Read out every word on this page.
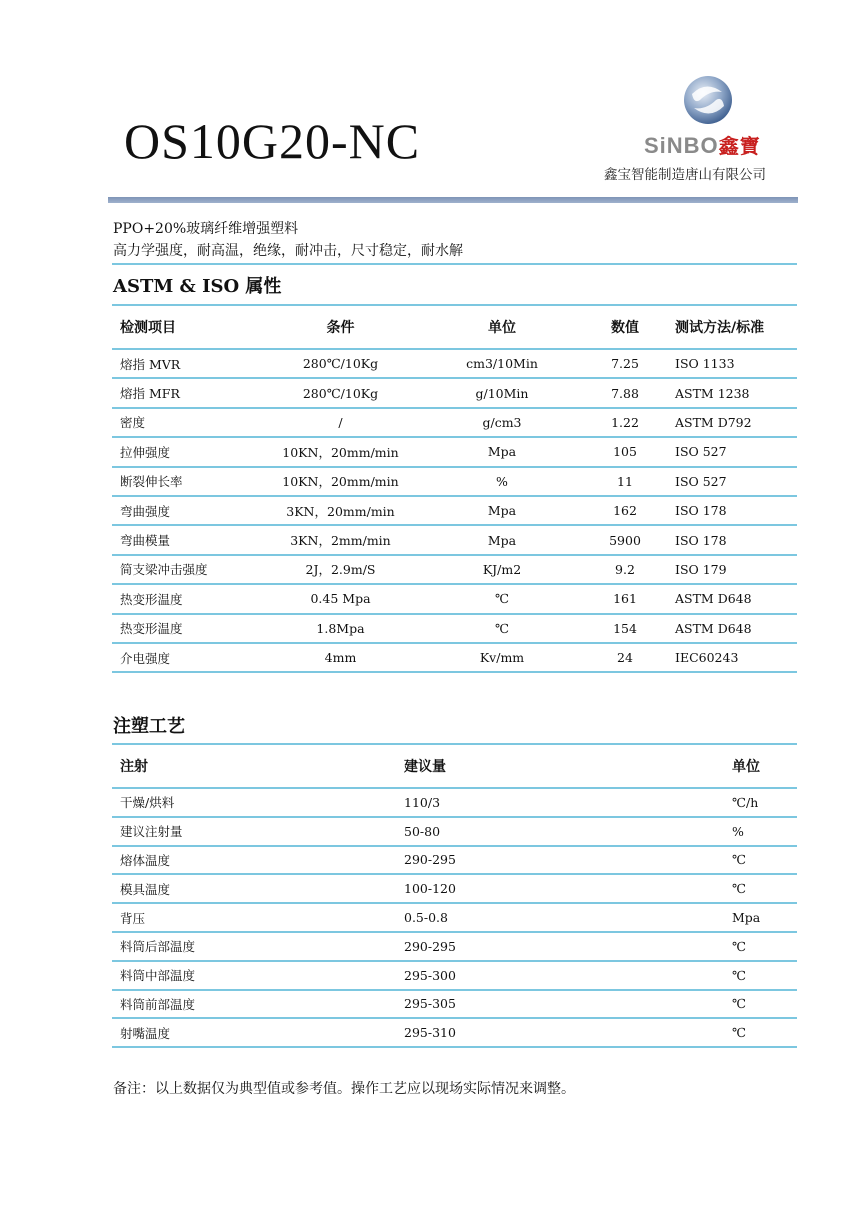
OS10G20-NC	SiNBO鑫寶
鑫宝智能制造唐山有限公司
PPO+20%玻璃纤维增强塑料
高力学强度，耐高温，绝缘，耐冲击，尺寸稳定，耐水解
ASTM & ISO 属性
检测项目	条件	单位	数值	测试方法/标准
熔指 MVR	280℃/10Kg	cm3/10Min	7.25	ISO 1133
熔指 MFR	280℃/10Kg	g/10Min	7.88	ASTM 1238
密度	/	g/cm3	1.22	ASTM D792
拉伸强度	10KN，20mm/min	Mpa	105	ISO 527
断裂伸长率	10KN，20mm/min	%	11	ISO 527
弯曲强度	3KN，20mm/min	Mpa	162	ISO 178
弯曲模量	3KN，2mm/min	Mpa	5900	ISO 178
简支梁冲击强度	2J，2.9m/S	KJ/m2	9.2	ISO 179
热变形温度	0.45 Mpa	℃	161	ASTM D648
热变形温度	1.8Mpa	℃	154	ASTM D648
介电强度	4mm	Kv/mm	24	IEC60243
注塑工艺
注射	建议量	单位
干燥/烘料	110/3	℃/h
建议注射量	50-80	%
熔体温度	290-295	℃
模具温度	100-120	℃
背压	0.5-0.8	Mpa
料筒后部温度	290-295	℃
料筒中部温度	295-300	℃
料筒前部温度	295-305	℃
射嘴温度	295-310	℃
备注：以上数据仅为典型值或参考值。操作工艺应以现场实际情况来调整。
